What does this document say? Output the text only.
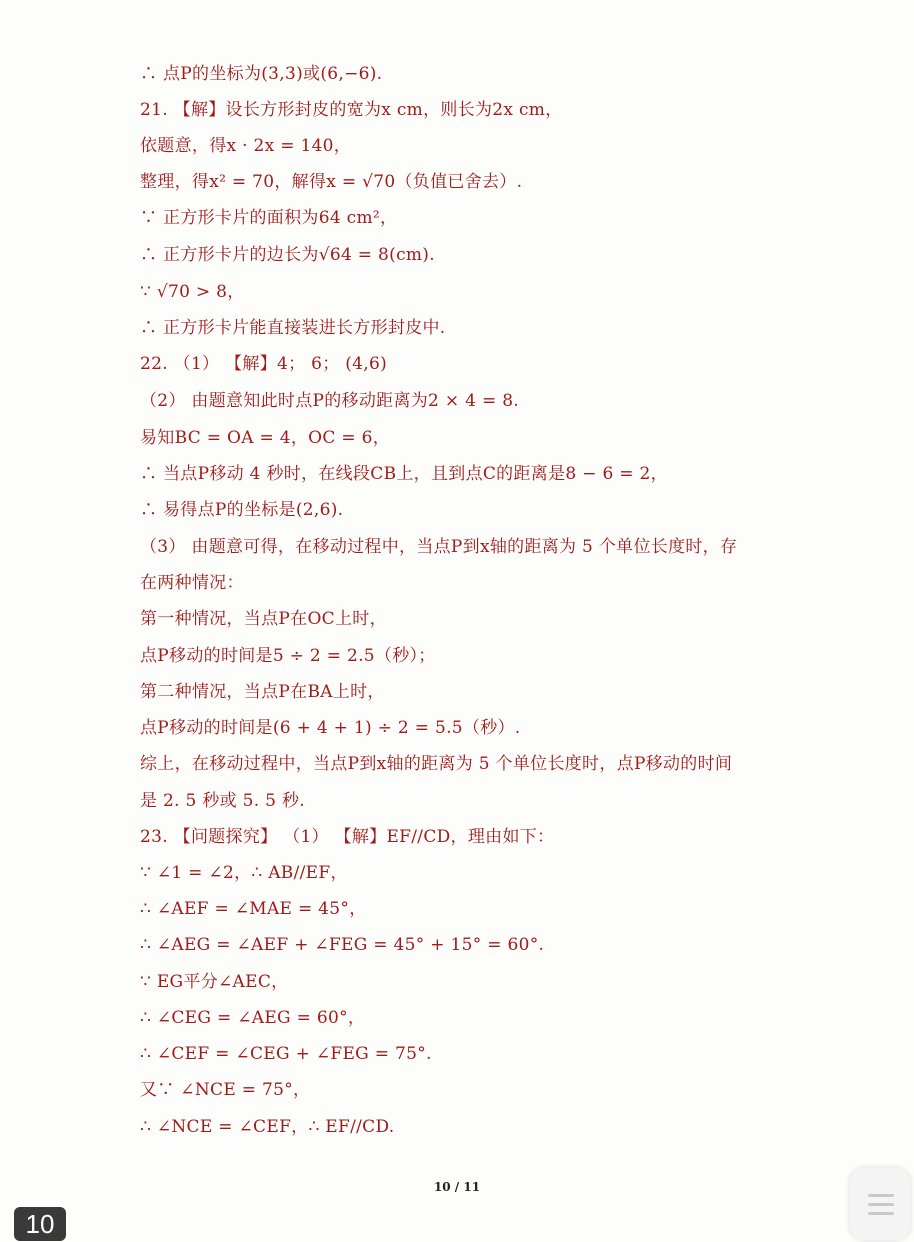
∴ 点P的坐标为(3,3)或(6,−6).
21. 【解】设长方形封皮的宽为x cm，则长为2x cm，
依题意，得x · 2x = 140，
整理，得x² = 70，解得x = √70（负值已舍去）.
∵ 正方形卡片的面积为64 cm²，
∴ 正方形卡片的边长为√64 = 8(cm).
∵ √70 > 8，
∴ 正方形卡片能直接装进长方形封皮中.
22. （1） 【解】4； 6； (4,6)
（2） 由题意知此时点P的移动距离为2 × 4 = 8.
易知BC = OA = 4，OC = 6，
∴ 当点P移动 4 秒时，在线段CB上，且到点C的距离是8 − 6 = 2，
∴ 易得点P的坐标是(2,6).
（3） 由题意可得，在移动过程中，当点P到x轴的距离为 5 个单位长度时，存
在两种情况：
第一种情况，当点P在OC上时，
点P移动的时间是5 ÷ 2 = 2.5（秒）；
第二种情况，当点P在BA上时，
点P移动的时间是(6 + 4 + 1) ÷ 2 = 5.5（秒）.
综上，在移动过程中，当点P到x轴的距离为 5 个单位长度时，点P移动的时间
是 2. 5 秒或 5. 5 秒.
23. 【问题探究】 （1） 【解】EF//CD，理由如下：
∵ ∠1 = ∠2，∴ AB//EF，
∴ ∠AEF = ∠MAE = 45°，
∴ ∠AEG = ∠AEF + ∠FEG = 45° + 15° = 60°.
∵ EG平分∠AEC，
∴ ∠CEG = ∠AEG = 60°，
∴ ∠CEF = ∠CEG + ∠FEG = 75°.
又∵ ∠NCE = 75°，
∴ ∠NCE = ∠CEF，∴ EF//CD.
10 / 11
10
